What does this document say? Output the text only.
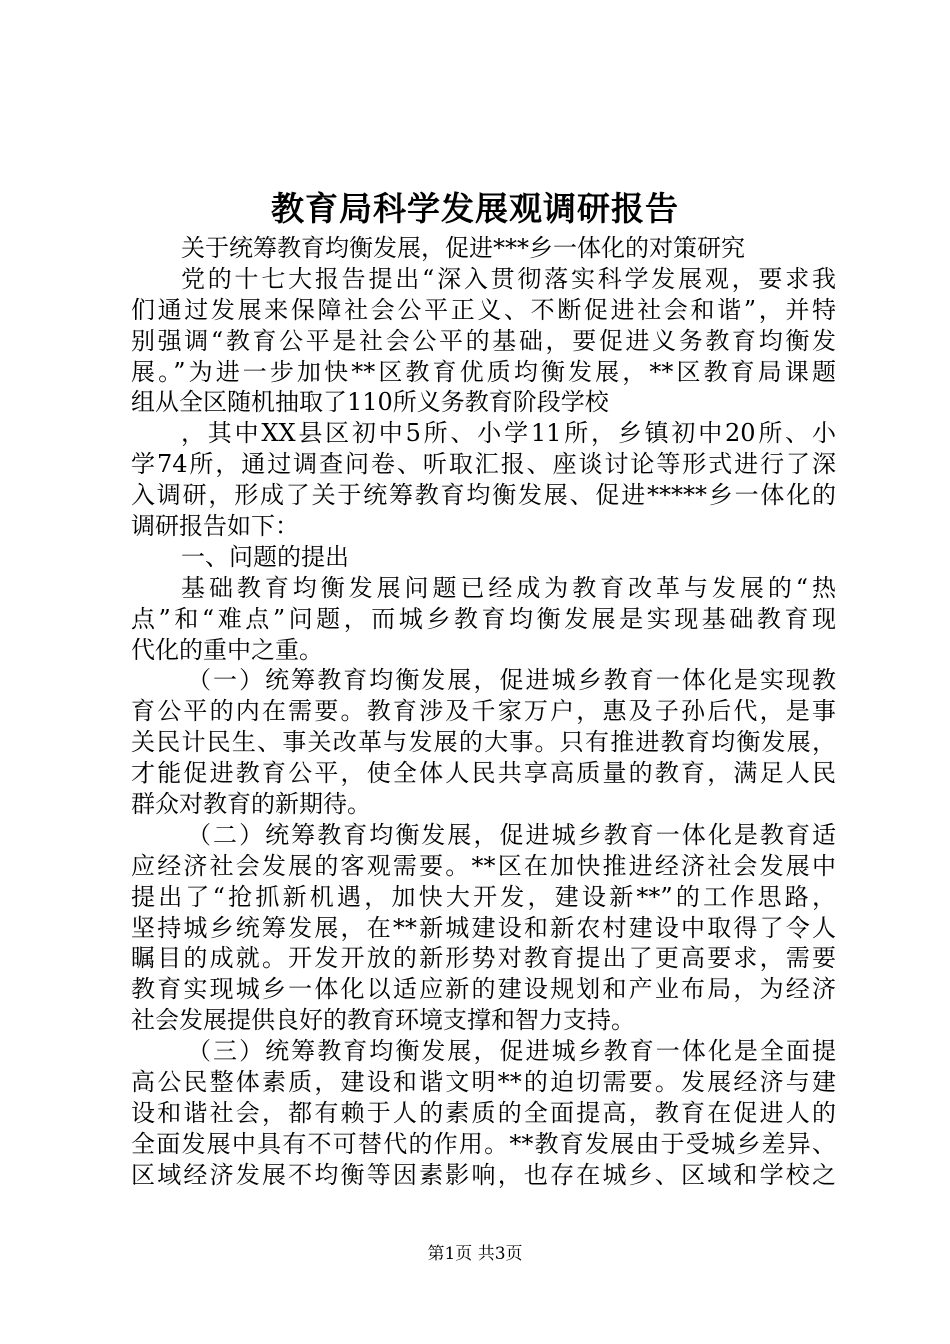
教育局科学发展观调研报告
关于统筹教育均衡发展，促进***乡一体化的对策研究
党的十七大报告提出“深入贯彻落实科学发展观，要求我
们通过发展来保障社会公平正义、不断促进社会和谐”，并特
别强调“教育公平是社会公平的基础，要促进义务教育均衡发
展。”为进一步加快**区教育优质均衡发展，**区教育局课题
组从全区随机抽取了110所义务教育阶段学校
，其中XX县区初中5所、小学11所，乡镇初中20所、小
学74所，通过调查问卷、听取汇报、座谈讨论等形式进行了深
入调研，形成了关于统筹教育均衡发展、促进*****乡一体化的
调研报告如下：
一、问题的提出
基础教育均衡发展问题已经成为教育改革与发展的“热
点”和“难点”问题，而城乡教育均衡发展是实现基础教育现
代化的重中之重。
（一）统筹教育均衡发展，促进城乡教育一体化是实现教
育公平的内在需要。教育涉及千家万户，惠及子孙后代，是事
关民计民生、事关改革与发展的大事。只有推进教育均衡发展，
才能促进教育公平，使全体人民共享高质量的教育，满足人民
群众对教育的新期待。
（二）统筹教育均衡发展，促进城乡教育一体化是教育适
应经济社会发展的客观需要。**区在加快推进经济社会发展中
提出了“抢抓新机遇，加快大开发，建设新**”的工作思路，
坚持城乡统筹发展，在**新城建设和新农村建设中取得了令人
瞩目的成就。开发开放的新形势对教育提出了更高要求，需要
教育实现城乡一体化以适应新的建设规划和产业布局，为经济
社会发展提供良好的教育环境支撑和智力支持。
（三）统筹教育均衡发展，促进城乡教育一体化是全面提
高公民整体素质，建设和谐文明**的迫切需要。发展经济与建
设和谐社会，都有赖于人的素质的全面提高，教育在促进人的
全面发展中具有不可替代的作用。**教育发展由于受城乡差异、
区域经济发展不均衡等因素影响，也存在城乡、区域和学校之
第1页 共3页
